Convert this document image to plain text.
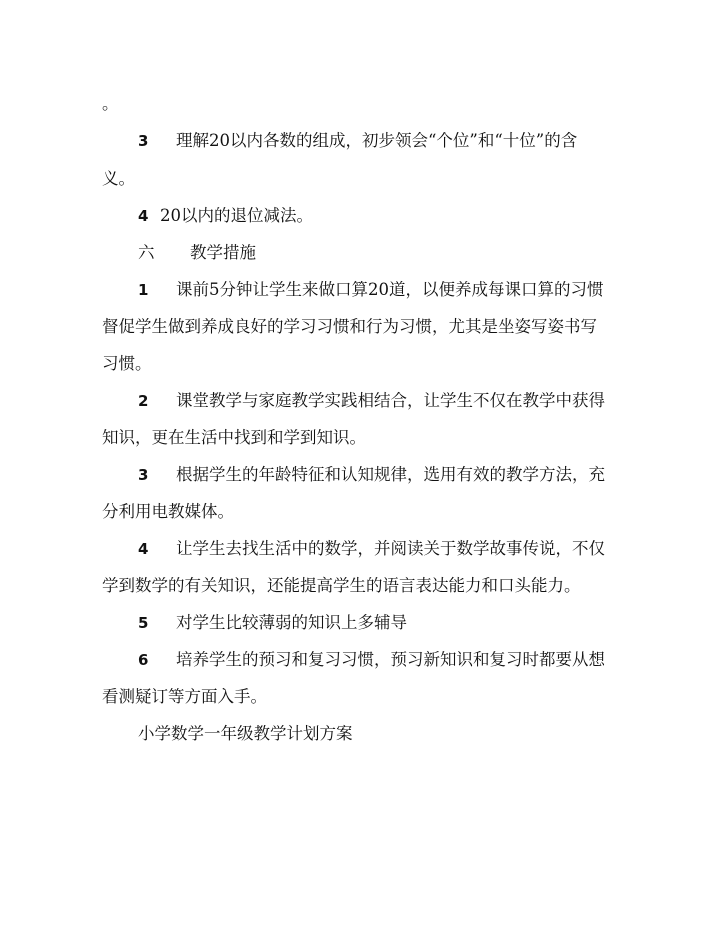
。
3 理解20以内各数的组成，初步领会“个位”和“十位”的含
义。
4 20以内的退位减法。
六 教学措施
1 课前5分钟让学生来做口算20道，以便养成每课口算的习惯
督促学生做到养成良好的学习习惯和行为习惯，尤其是坐姿写姿书写
习惯。
2 课堂教学与家庭教学实践相结合，让学生不仅在教学中获得
知识，更在生活中找到和学到知识。
3 根据学生的年龄特征和认知规律，选用有效的教学方法，充
分利用电教媒体。
4 让学生去找生活中的数学，并阅读关于数学故事传说，不仅
学到数学的有关知识，还能提高学生的语言表达能力和口头能力。
5 对学生比较薄弱的知识上多辅导
6 培养学生的预习和复习习惯，预习新知识和复习时都要从想
看测疑订等方面入手。
小学数学一年级教学计划方案
